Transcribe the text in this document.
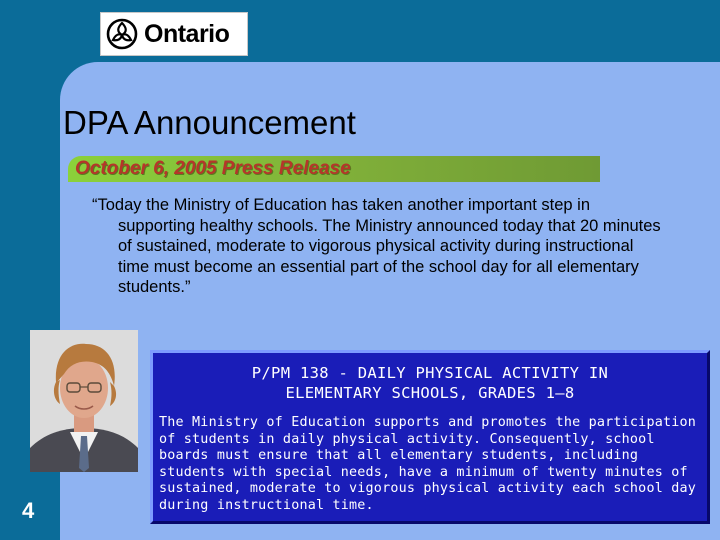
Ontario
DPA Announcement
October 6, 2005 Press Release
“Today the Ministry of Education has taken another important step in supporting healthy schools. The Ministry announced today that 20 minutes of sustained, moderate to vigorous physical activity during instructional time must become an essential part of the school day for all elementary students.”
4
P/PM 138 - DAILY PHYSICAL ACTIVITY IN
ELEMENTARY SCHOOLS, GRADES 1–8
The Ministry of Education supports and promotes the participation of students in daily physical activity. Consequently, school boards must ensure that all elementary students, including students with special needs, have a minimum of twenty minutes of sustained, moderate to vigorous physical activity each school day during instructional time.
